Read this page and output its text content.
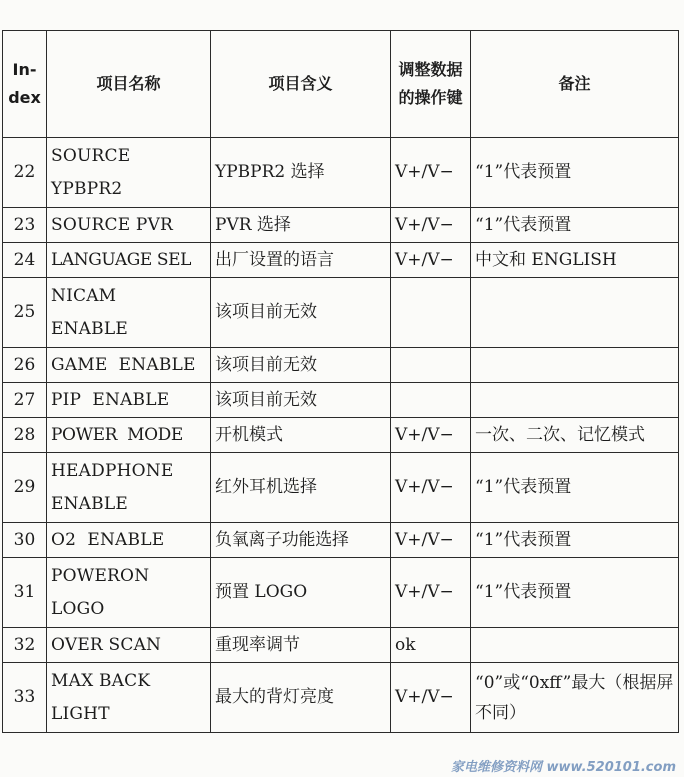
In-dex	项目名称	项目含义	调整数据的操作键	备注
22	SOURCE YPBPR2	YPBPR2 选择	V+/V−	“1”代表预置
23	SOURCE PVR	PVR 选择	V+/V−	“1”代表预置
24	LANGUAGE SEL	出厂设置的语言	V+/V−	中文和 ENGLISH
25	NICAM ENABLE	该项目前无效		
26	GAME  ENABLE	该项目前无效		
27	PIP  ENABLE	该项目前无效		
28	POWER  MODE	开机模式	V+/V−	一次、二次、记忆模式
29	HEADPHONE ENABLE	红外耳机选择	V+/V−	“1”代表预置
30	O2  ENABLE	负氧离子功能选择	V+/V−	“1”代表预置
31	POWERON LOGO	预置 LOGO	V+/V−	“1”代表预置
32	OVER SCAN	重现率调节	ok	
33	MAX BACK LIGHT	最大的背灯亮度	V+/V−	“0”或“0xff”最大（根据屏不同）
家电维修资料网 www.520101.com
